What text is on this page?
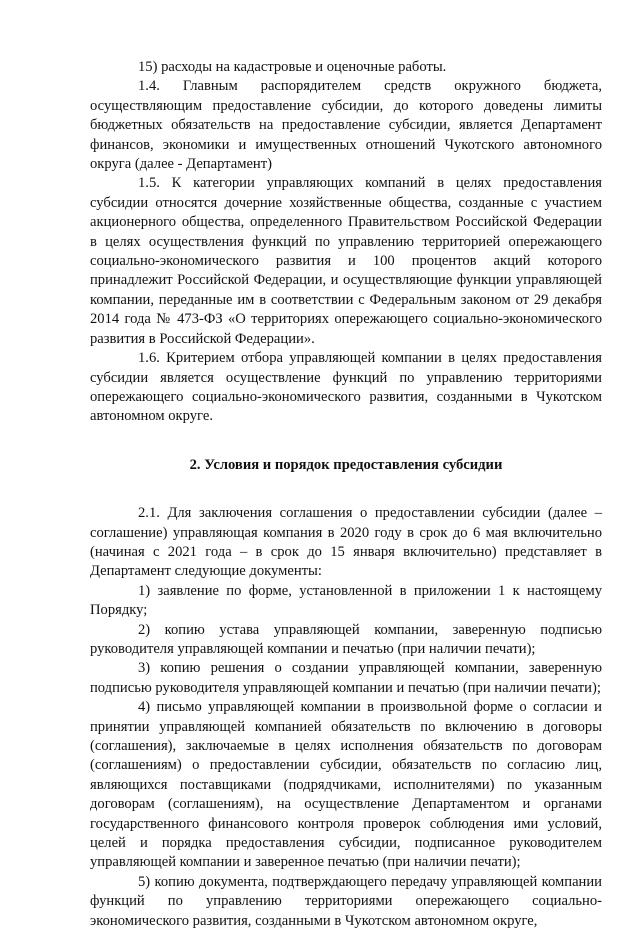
15) расходы на кадастровые и оценочные работы.

1.4. Главным распорядителем средств окружного бюджета, осуществляющим предоставление субсидии, до которого доведены лимиты бюджетных обязательств на предоставление субсидии, является Департамент финансов, экономики и имущественных отношений Чукотского автономного округа (далее - Департамент)

1.5. К категории управляющих компаний в целях предоставления субсидии относятся дочерние хозяйственные общества, созданные с участием акционерного общества, определенного Правительством Российской Федерации в целях осуществления функций по управлению территорией опережающего социально-экономического развития и 100 процентов акций которого принадлежит Российской Федерации, и осуществляющие функции управляющей компании, переданные им в соответствии с Федеральным законом от 29 декабря 2014 года № 473-ФЗ «О территориях опережающего социально-экономического развития в Российской Федерации».

1.6. Критерием отбора управляющей компании в целях предоставления субсидии является осуществление функций по управлению территориями опережающего социально-экономического развития, созданными в Чукотском автономном округе.

2. Условия и порядок предоставления субсидии

2.1. Для заключения соглашения о предоставлении субсидии (далее – соглашение) управляющая компания в 2020 году в срок до 6 мая включительно (начиная с 2021 года – в срок до 15 января включительно) представляет в Департамент следующие документы:

1) заявление по форме, установленной в приложении 1 к настоящему Порядку;

2) копию устава управляющей компании, заверенную подписью руководителя управляющей компании и печатью (при наличии печати);

3) копию решения о создании управляющей компании, заверенную подписью руководителя управляющей компании и печатью (при наличии печати);

4) письмо управляющей компании в произвольной форме о согласии и принятии управляющей компанией обязательств по включению в договоры (соглашения), заключаемые в целях исполнения обязательств по договорам (соглашениям) о предоставлении субсидии, обязательств по согласию лиц, являющихся поставщиками (подрядчиками, исполнителями) по указанным договорам (соглашениям), на осуществление Департаментом и органами государственного финансового контроля проверок соблюдения ими условий, целей и порядка предоставления субсидии, подписанное руководителем управляющей компании и заверенное печатью (при наличии печати);

5) копию документа, подтверждающего передачу управляющей компании функций по управлению территориями опережающего социально-экономического развития, созданными в Чукотском автономном округе,
